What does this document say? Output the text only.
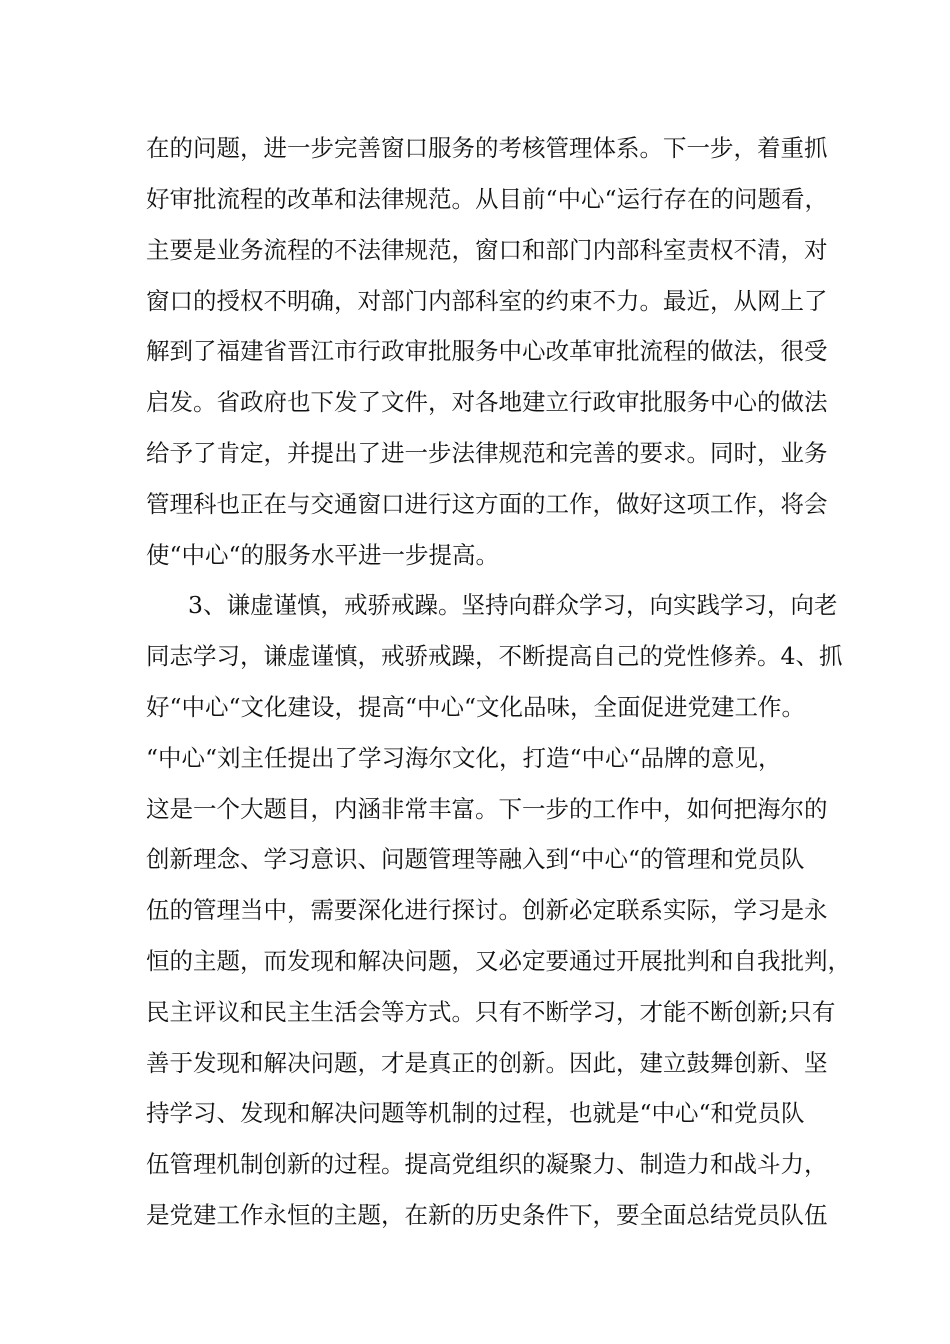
在的问题，进一步完善窗口服务的考核管理体系。下一步，着重抓
好审批流程的改革和法律规范。从目前“中心“运行存在的问题看，
主要是业务流程的不法律规范，窗口和部门内部科室责权不清，对
窗口的授权不明确，对部门内部科室的约束不力。最近，从网上了
解到了福建省晋江市行政审批服务中心改革审批流程的做法，很受
启发。省政府也下发了文件，对各地建立行政审批服务中心的做法
给予了肯定，并提出了进一步法律规范和完善的要求。同时，业务
管理科也正在与交通窗口进行这方面的工作，做好这项工作，将会
使“中心“的服务水平进一步提高。
3、谦虚谨慎，戒骄戒躁。坚持向群众学习，向实践学习，向老
同志学习，谦虚谨慎，戒骄戒躁，不断提高自己的党性修养。4、抓
好“中心“文化建设，提高“中心“文化品味，全面促进党建工作。
“中心“刘主任提出了学习海尔文化，打造“中心“品牌的意见，
这是一个大题目，内涵非常丰富。下一步的工作中，如何把海尔的
创新理念、学习意识、问题管理等融入到“中心“的管理和党员队
伍的管理当中，需要深化进行探讨。创新必定联系实际，学习是永
恒的主题，而发现和解决问题，又必定要通过开展批判和自我批判，
民主评议和民主生活会等方式。只有不断学习，才能不断创新;只有
善于发现和解决问题，才是真正的创新。因此，建立鼓舞创新、坚
持学习、发现和解决问题等机制的过程，也就是“中心“和党员队
伍管理机制创新的过程。提高党组织的凝聚力、制造力和战斗力，
是党建工作永恒的主题，在新的历史条件下，要全面总结党员队伍
